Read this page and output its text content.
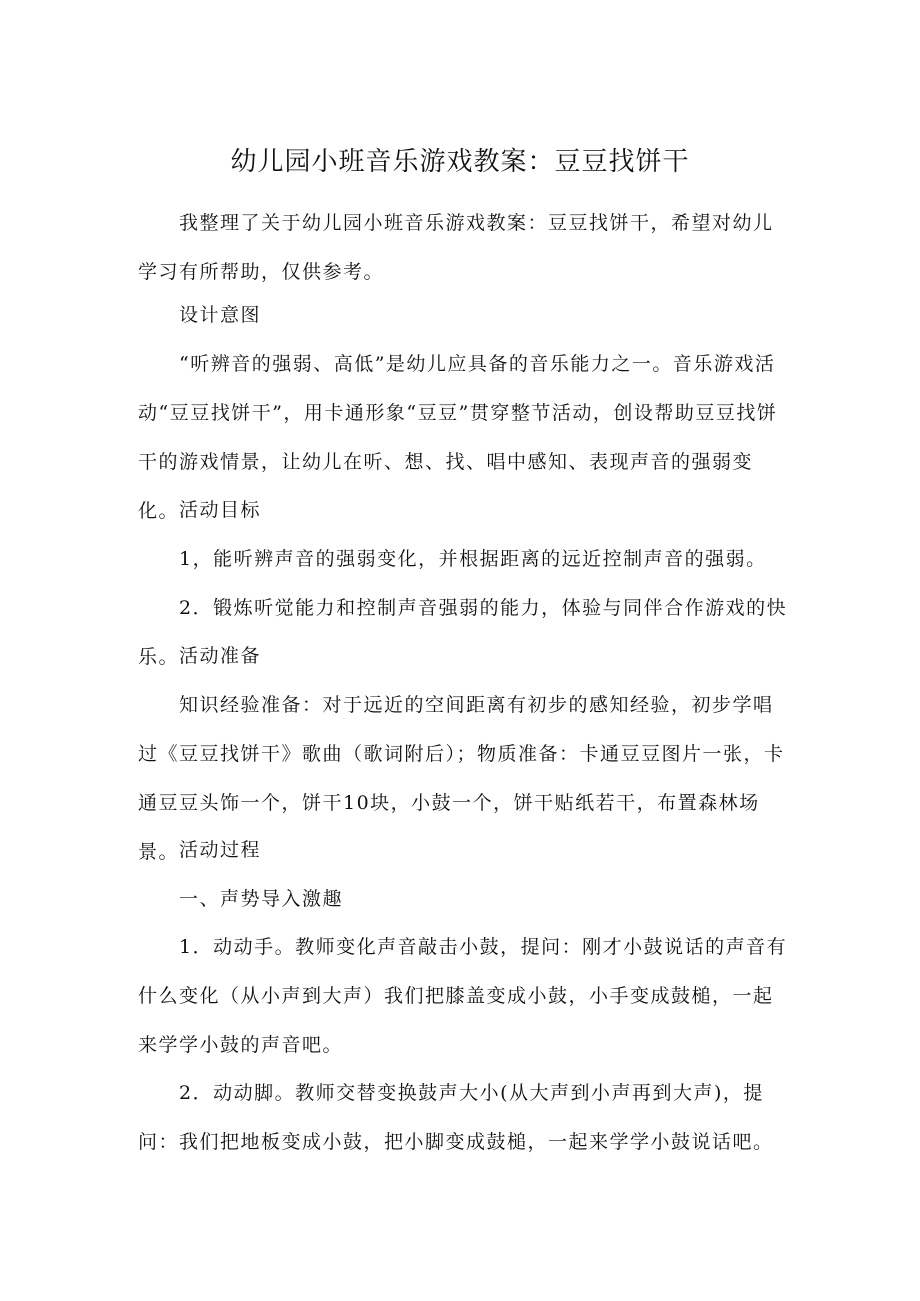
幼儿园小班音乐游戏教案：豆豆找饼干
我整理了关于幼儿园小班音乐游戏教案：豆豆找饼干，希望对幼儿学习有所帮助，仅供参考。
设计意图
“听辨音的强弱、高低”是幼儿应具备的音乐能力之一。音乐游戏活动“豆豆找饼干”，用卡通形象“豆豆”贯穿整节活动，创设帮助豆豆找饼干的游戏情景，让幼儿在听、想、找、唱中感知、表现声音的强弱变化。 活动目标
1，能听辨声音的强弱变化，并根据距离的远近控制声音的强弱。
2．锻炼听觉能力和控制声音强弱的能力，体验与同伴合作游戏的快乐。 活动准备
知识经验准备：对于远近的空间距离有初步的感知经验，初步学唱过《豆豆找饼干》歌曲（歌词附后）；物质准备：卡通豆豆图片一张，卡通豆豆头饰一个，饼干10块，小鼓一个，饼干贴纸若干，布置森林场景。 活动过程
一、声势导入激趣
1．动动手。教师变化声音敲击小鼓，提问：刚才小鼓说话的声音有什么变化（从小声到大声）我们把膝盖变成小鼓，小手变成鼓槌，一起来学学小鼓的声音吧。
2．动动脚。教师交替变换鼓声大小(从大声到小声再到大声)，提问：我们把地板变成小鼓，把小脚变成鼓槌，一起来学学小鼓说话吧。
